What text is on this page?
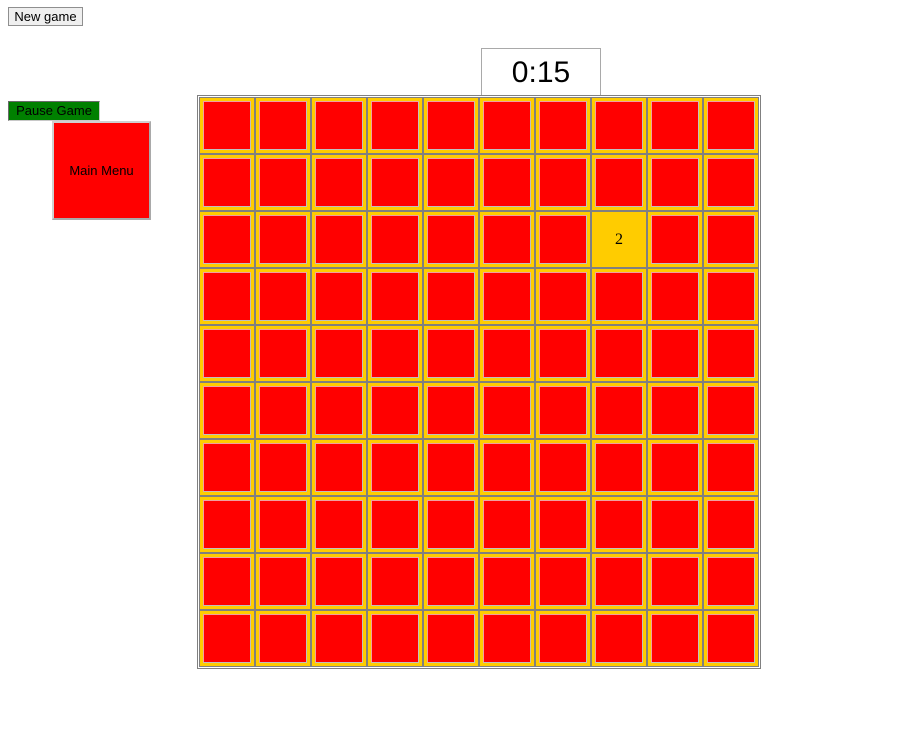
New game
0:15
Pause Game
Main Menu
2
